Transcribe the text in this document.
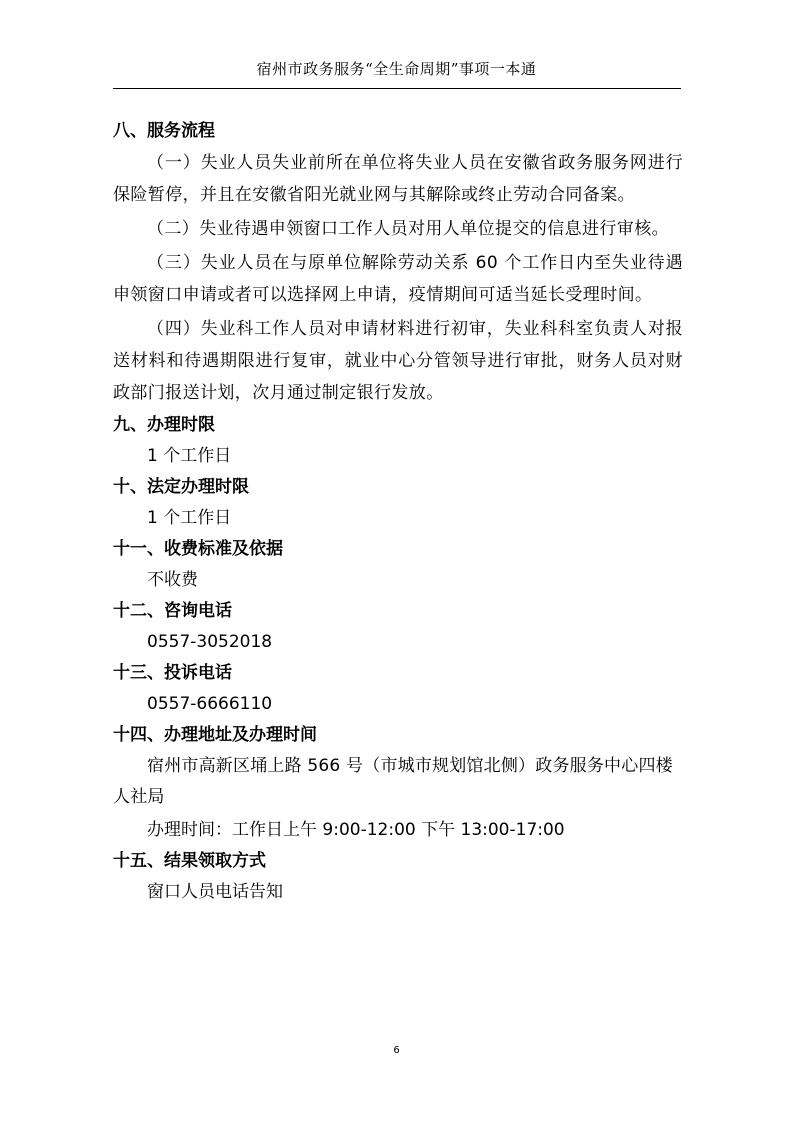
宿州市政务服务“全生命周期”事项一本通
八、服务流程
（一）失业人员失业前所在单位将失业人员在安徽省政务服务网进行保险暂停，并且在安徽省阳光就业网与其解除或终止劳动合同备案。
（二）失业待遇申领窗口工作人员对用人单位提交的信息进行审核。
（三）失业人员在与原单位解除劳动关系 60 个工作日内至失业待遇申领窗口申请或者可以选择网上申请，疫情期间可适当延长受理时间。
（四）失业科工作人员对申请材料进行初审，失业科科室负责人对报送材料和待遇期限进行复审，就业中心分管领导进行审批，财务人员对财政部门报送计划，次月通过制定银行发放。
九、办理时限
1 个工作日
十、法定办理时限
1 个工作日
十一、收费标准及依据
不收费
十二、咨询电话
0557-3052018
十三、投诉电话
0557-6666110
十四、办理地址及办理时间
宿州市高新区埇上路 566 号（市城市规划馆北侧）政务服务中心四楼人社局
办理时间：工作日上午 9:00-12:00 下午 13:00-17:00
十五、结果领取方式
窗口人员电话告知
6
